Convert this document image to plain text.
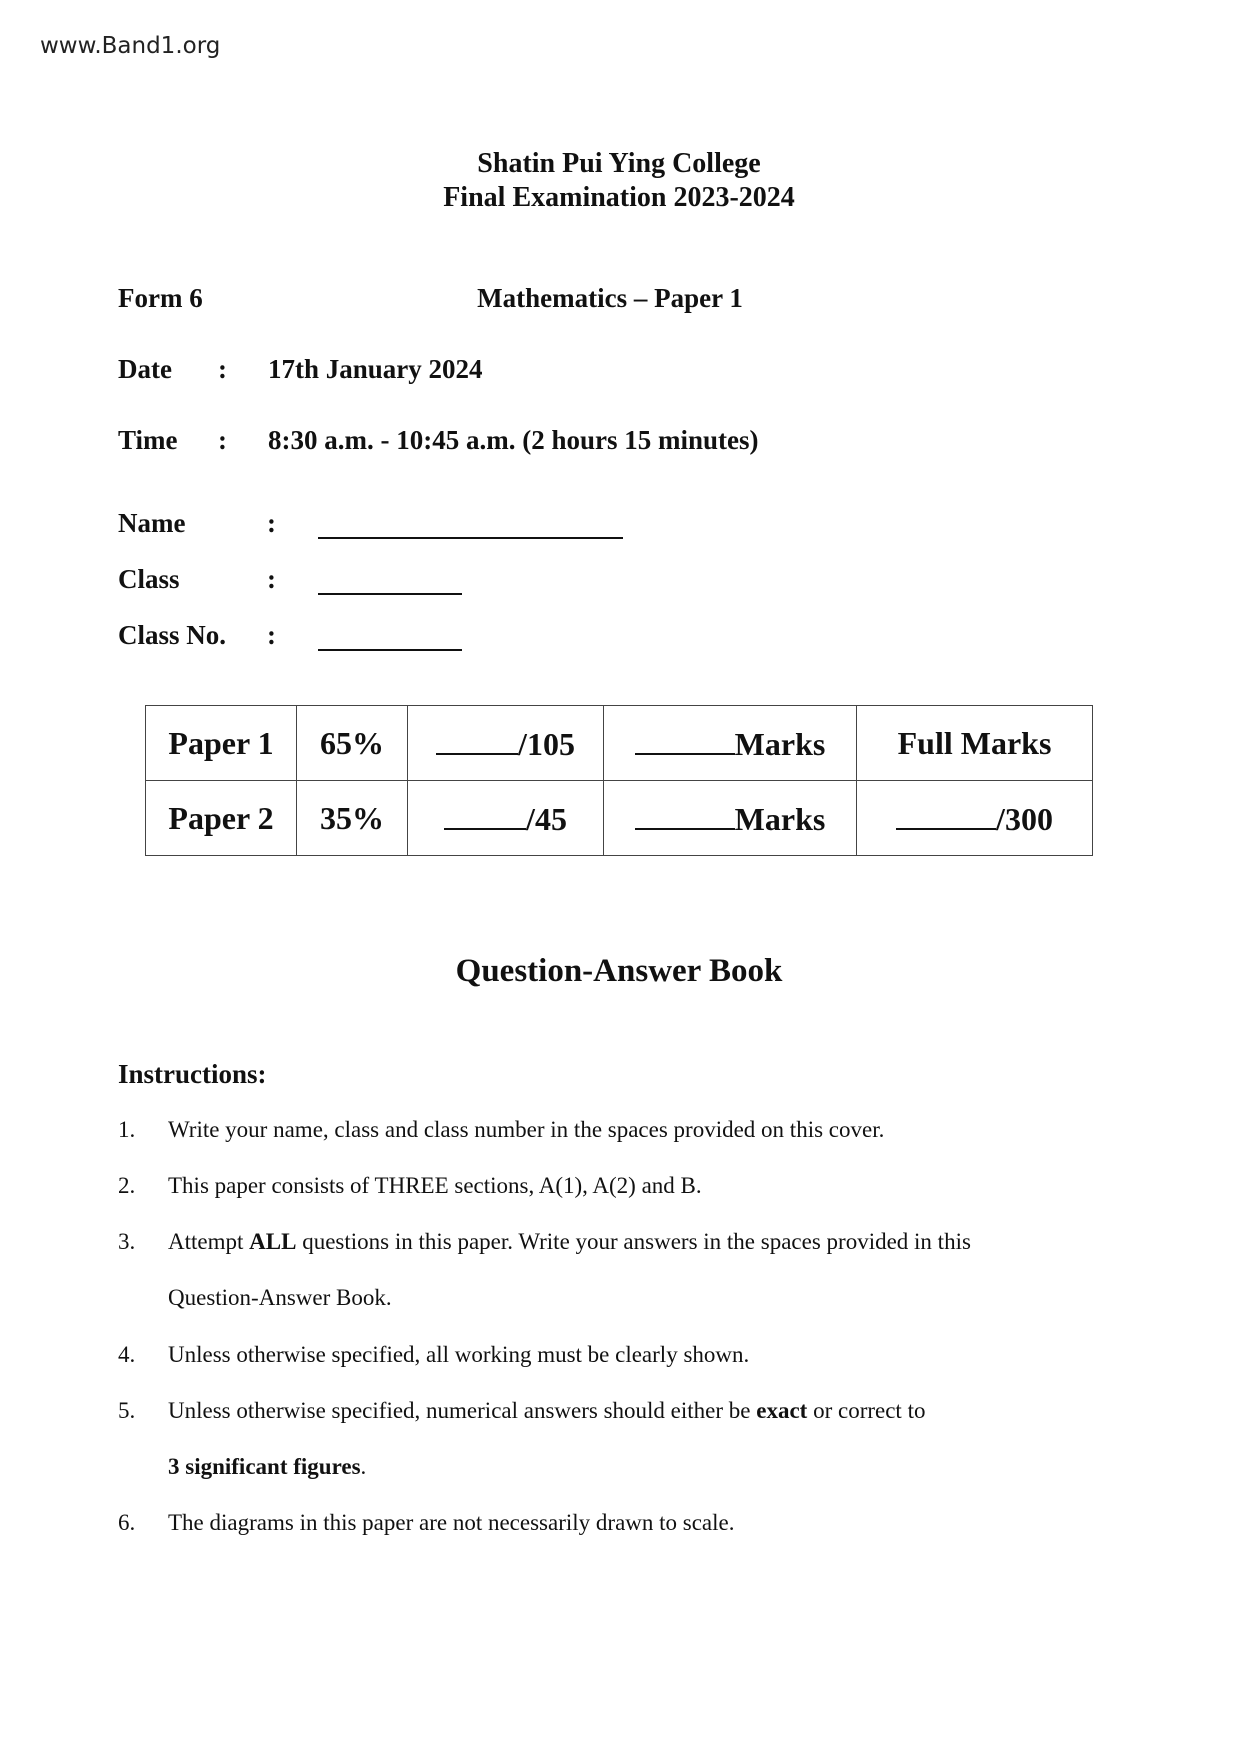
www.Band1.org
Shatin Pui Ying College
Final Examination 2023-2024
Form 6	Mathematics – Paper 1
Date : 17th January 2024
Time : 8:30 a.m. - 10:45 a.m. (2 hours 15 minutes)
Name	:
Class	:
Class No. :
Paper 1	65%	/105	Marks	Full Marks
Paper 2	35%	/45	Marks	/300
Question-Answer Book
Instructions:
1. Write your name, class and class number in the spaces provided on this cover.
2. This paper consists of THREE sections, A(1), A(2) and B.
3. Attempt ALL questions in this paper. Write your answers in the spaces provided in this
Question-Answer Book.
4. Unless otherwise specified, all working must be clearly shown.
5. Unless otherwise specified, numerical answers should either be exact or correct to
3 significant figures.
6. The diagrams in this paper are not necessarily drawn to scale.
